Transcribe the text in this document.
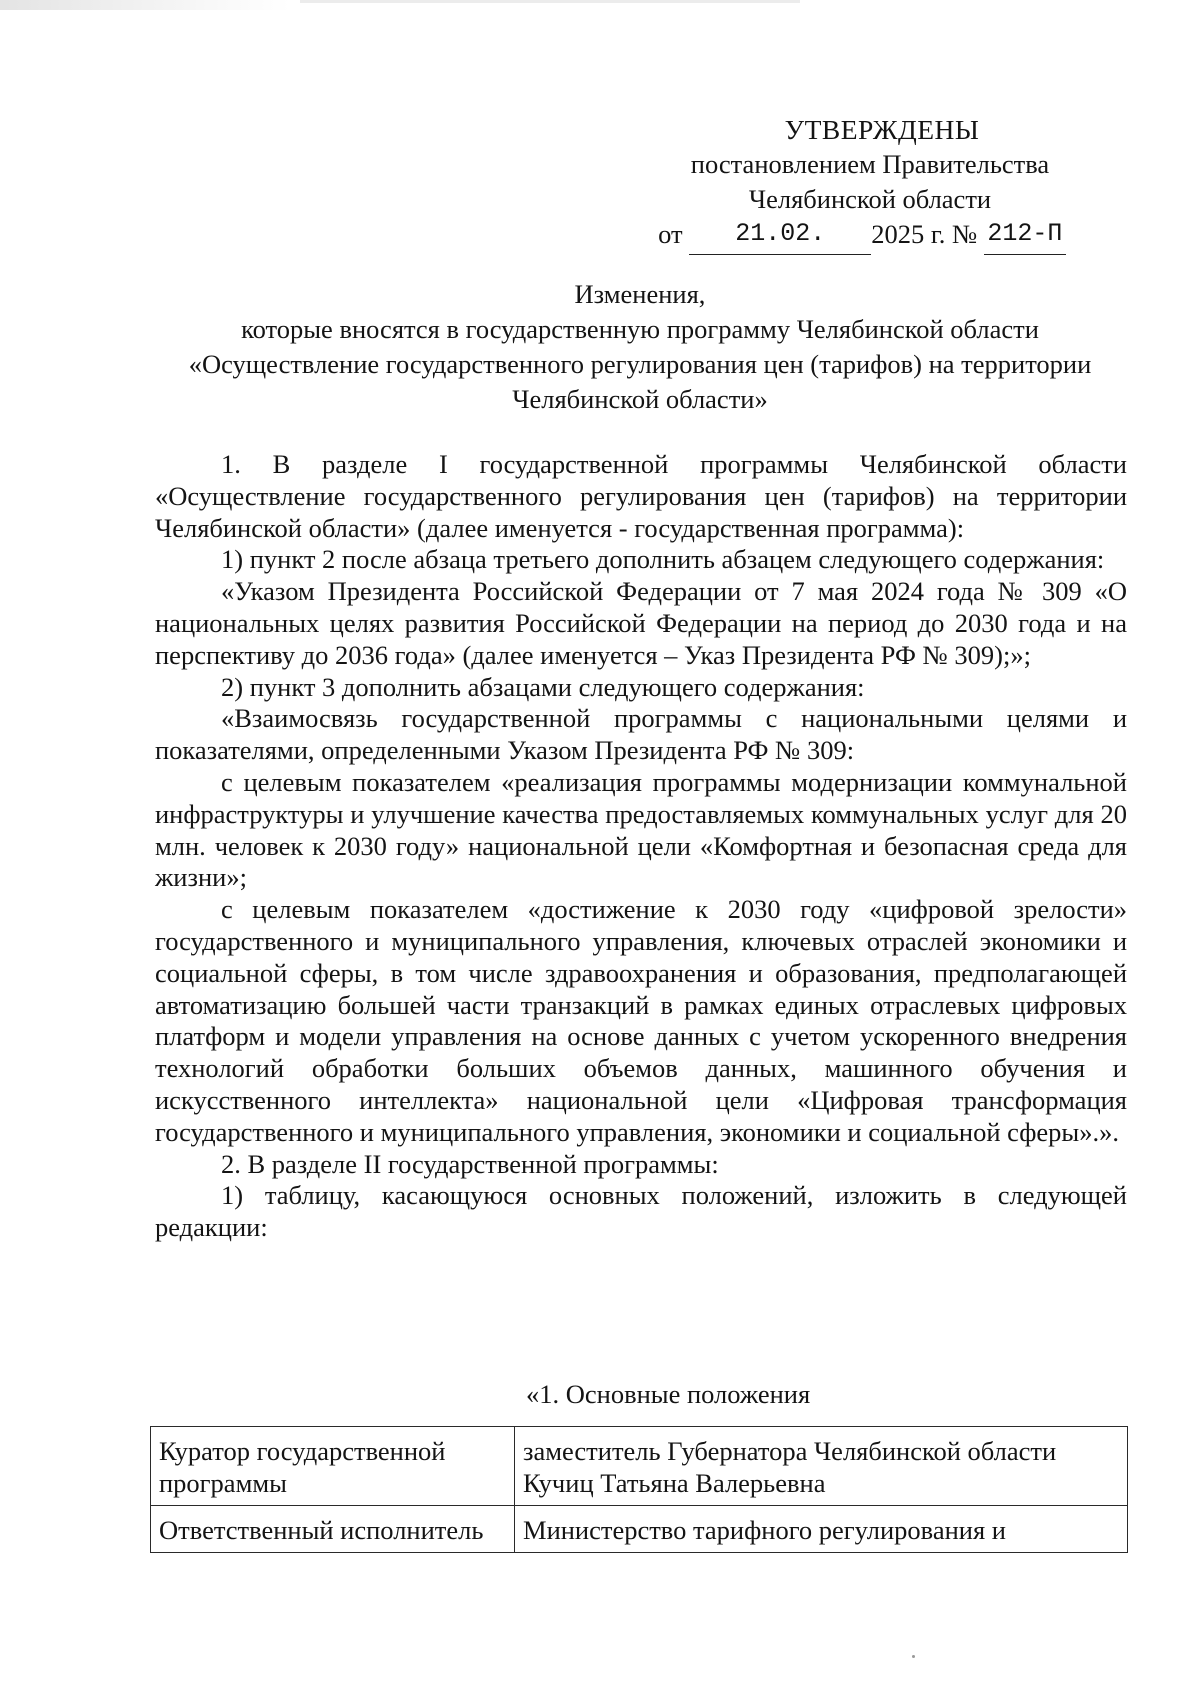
УТВЕРЖДЕНЫ
постановлением Правительства
Челябинской области
от 21.02. 2025 г. № 212-П
Изменения,
которые вносятся в государственную программу Челябинской области
«Осуществление государственного регулирования цен (тарифов) на территории
Челябинской области»

1. В разделе I государственной программы Челябинской области «Осуществление государственного регулирования цен (тарифов) на территории Челябинской области» (далее именуется - государственная программа):

1) пункт 2 после абзаца третьего дополнить абзацем следующего содержания:

«Указом Президента Российской Федерации от 7 мая 2024 года № 309 «О национальных целях развития Российской Федерации на период до 2030 года и на перспективу до 2036 года» (далее именуется – Указ Президента РФ № 309);»;

2) пункт 3 дополнить абзацами следующего содержания:

«Взаимосвязь государственной программы с национальными целями и показателями, определенными Указом Президента РФ № 309:

с целевым показателем «реализация программы модернизации коммунальной инфраструктуры и улучшение качества предоставляемых коммунальных услуг для 20 млн. человек к 2030 году» национальной цели «Комфортная и безопасная среда для жизни»;

с целевым показателем «достижение к 2030 году «цифровой зрелости» государственного и муниципального управления, ключевых отраслей экономики и социальной сферы, в том числе здравоохранения и образования, предполагающей автоматизацию большей части транзакций в рамках единых отраслевых цифровых платформ и модели управления на основе данных с учетом ускоренного внедрения технологий обработки больших объемов данных, машинного обучения и искусственного интеллекта» национальной цели «Цифровая трансформация государственного и муниципального управления, экономики и социальной сферы».».

2. В разделе II государственной программы:

1) таблицу, касающуюся основных положений, изложить в следующей редакции:

«1. Основные положения
Куратор государственной программы	заместитель Губернатора Челябинской области Кучиц Татьяна Валерьевна
Ответственный исполнитель	Министерство тарифного регулирования и
